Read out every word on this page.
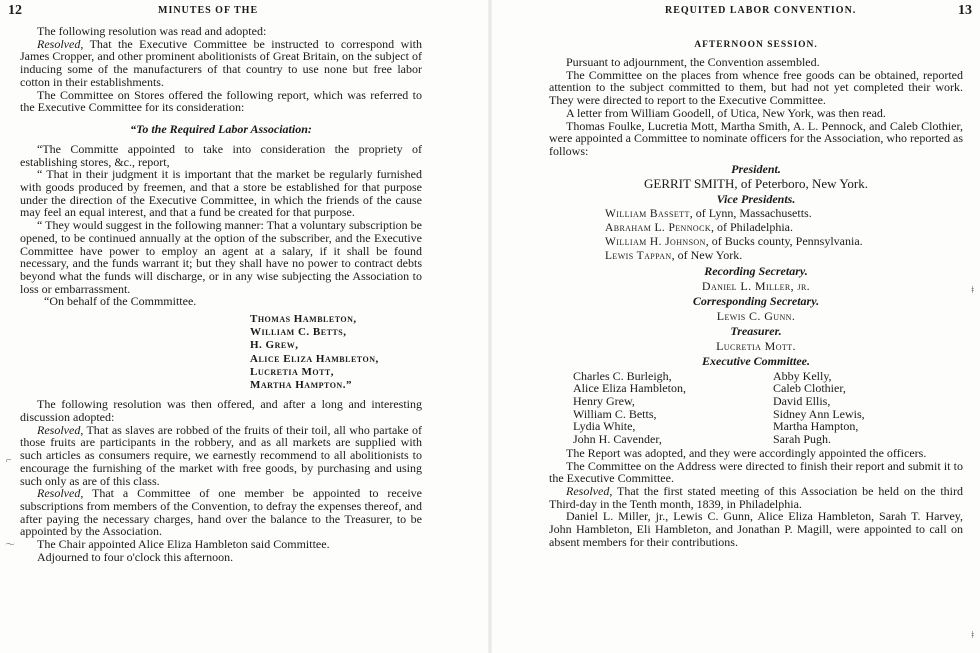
12	MINUTES OF THE

The following resolution was read and adopted:

Resolved, That the Executive Committee be instructed to correspond with James Cropper, and other prominent abolitionists of Great Britain, on the subject of inducing some of the manufacturers of that country to use none but free labor cotton in their establishments.

The Committee on Stores offered the following report, which was referred to the Executive Committee for its consideration:

“To the Required Labor Association:

“The Committe appointed to take into consideration the propriety of establishing stores, &c., report,

“ That in their judgment it is important that the market be regularly furnished with goods produced by freemen, and that a store be established for that purpose under the direction of the Executive Committee, in which the friends of the cause may feel an equal interest, and that a fund be created for that purpose.

“ They would suggest in the following manner: That a voluntary subscription be opened, to be continued annually at the option of the subscriber, and the Executive Committee have power to employ an agent at a salary, if it shall be found necessary, and the funds warrant it; but they shall have no power to contract debts beyond what the funds will discharge, or in any wise subjecting the Association to loss or embarrassment.

“On behalf of the Commmittee.

Thomas Hambleton,
William C. Betts,
H. Grew,
Alice Eliza Hambleton,
Lucretia Mott,
Martha Hampton.”

The following resolution was then offered, and after a long and interesting discussion adopted:

Resolved, That as slaves are robbed of the fruits of their toil, all who partake of those fruits are participants in the robbery, and as all markets are supplied with such articles as consumers require, we earnestly recommend to all abolitionists to encourage the furnishing of the market with free goods, by purchasing and using such only as are of this class.

Resolved, That a Committee of one member be appointed to receive subscriptions from members of the Convention, to defray the expenses thereof, and after paying the necessary charges, hand over the balance to the Treasurer, to be appointed by the Association.

The Chair appointed Alice Eliza Hambleton said Committee.

Adjourned to four o'clock this afternoon.

⌐
〜
REQUITED LABOR CONVENTION.	13
AFTERNOON SESSION.

Pursuant to adjournment, the Convention assembled.

The Committee on the places from whence free goods can be obtained, reported attention to the subject committed to them, but had not yet completed their work. They were directed to report to the Executive Committee.

A letter from William Goodell, of Utica, New York, was then read.

Thomas Foulke, Lucretia Mott, Martha Smith, A. L. Pennock, and Caleb Clothier, were appointed a Committee to nominate officers for the Association, who reported as follows:

President.
GERRIT SMITH, of Peterboro, New York.
Vice Presidents.
William Bassett, of Lynn, Massachusetts.
Abraham L. Pennock, of Philadelphia.
William H. Johnson, of Bucks county, Pennsylvania.
Lewis Tappan, of New York.
Recording Secretary.
Daniel L. Miller, jr.
Corresponding Secretary.
Lewis C. Gunn.
Treasurer.
Lucretia Mott.
Executive Committee.
Charles C. Burleigh,
Alice Eliza Hambleton,
Henry Grew,
William C. Betts,
Lydia White,
John H. Cavender,
Abby Kelly,
Caleb Clothier,
David Ellis,
Sidney Ann Lewis,
Martha Hampton,
Sarah Pugh.

The Report was adopted, and they were accordingly appointed the officers.

The Committee on the Address were directed to finish their report and submit it to the Executive Committee.

Resolved, That the first stated meeting of this Association be held on the third Third-day in the Tenth month, 1839, in Philadelphia.

Daniel L. Miller, jr., Lewis C. Gunn, Alice Eliza Hambleton, Sarah T. Harvey, John Hambleton, Eli Hambleton, and Jonathan P. Magill, were appointed to call on absent members for their contributions.

ǂ
ǂ
